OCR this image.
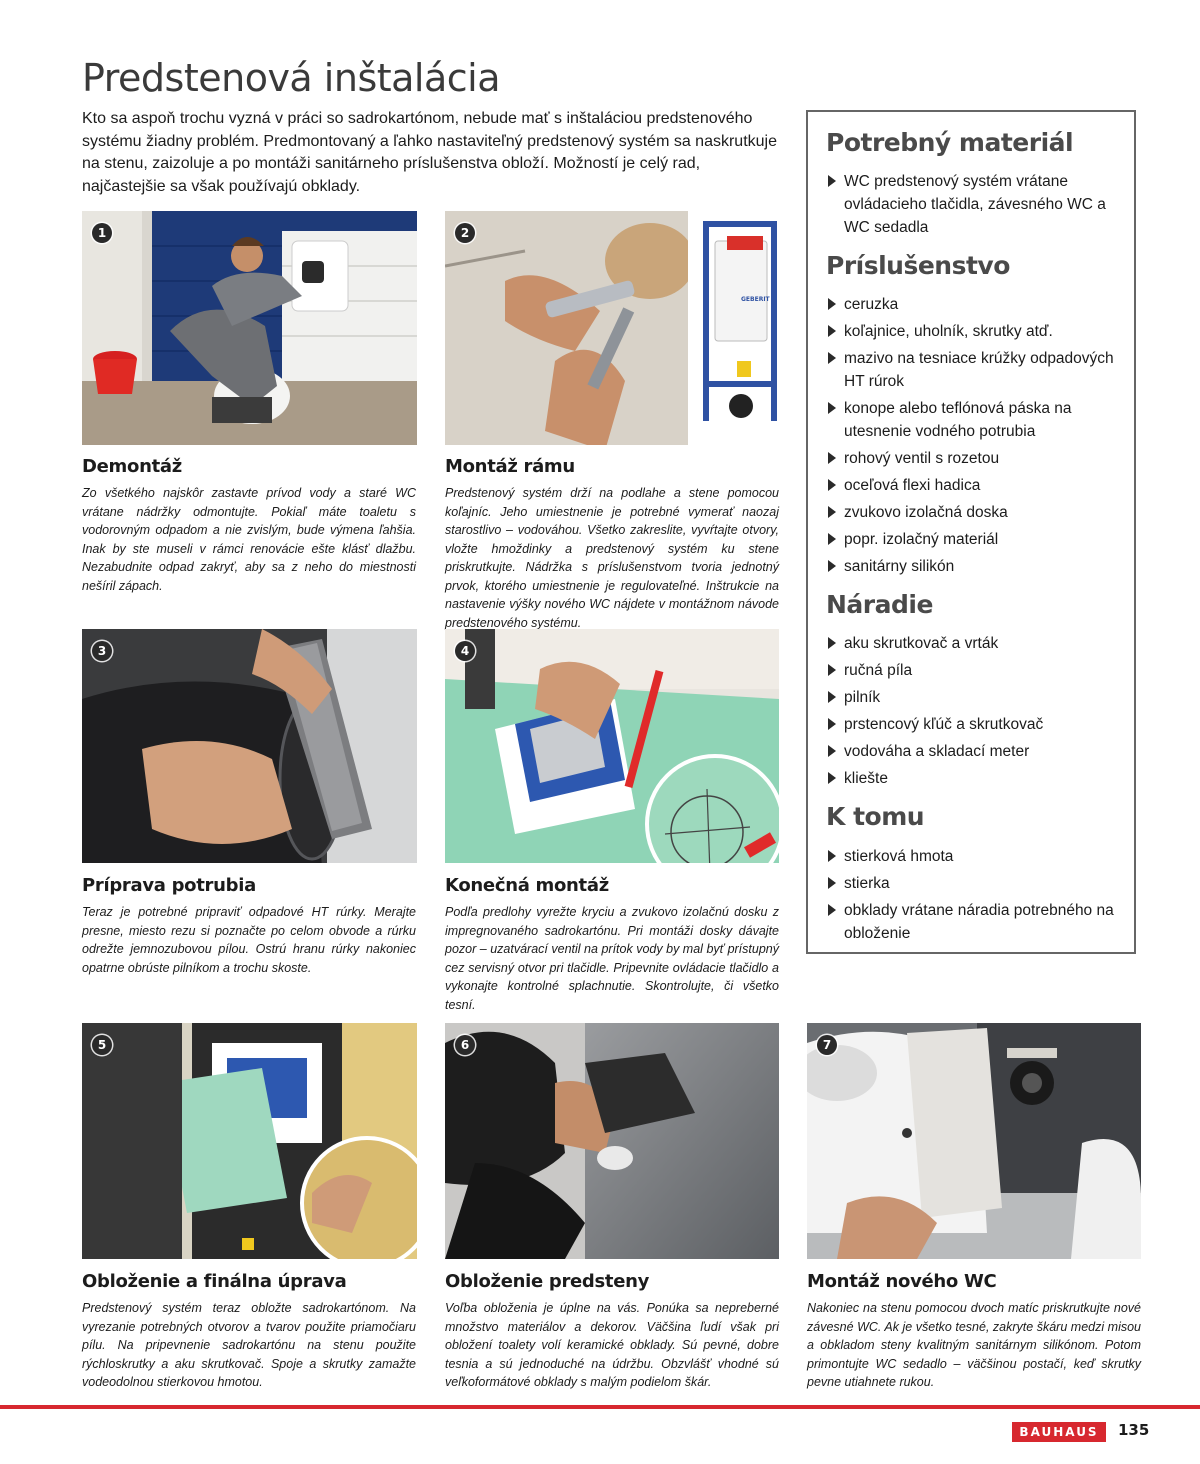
Predstenová inštalácia

Kto sa aspoň trochu vyzná v práci so sadrokartónom, nebude mať s inštaláciou predstenového systému žiadny problém. Predmontovaný a ľahko nastaviteľný predstenový systém sa naskrutkuje na stenu, zaizoluje a po montáži sanitárneho príslušenstva obloží. Možností je celý rad, najčastejšie sa však používajú obklady.

1
Demontáž

Zo všetkého najskôr zastavte prívod vody a staré WC vrátane nádržky odmontujte. Pokiaľ máte toaletu s vodorovným odpadom a nie zvislým, bude výmena ľahšia. Inak by ste museli v rámci renovácie ešte klásť dlažbu. Nezabudnite odpad zakryť, aby sa z neho do miestnosti nešíril zápach.

GEBERIT
2
Montáž rámu

Predstenový systém drží na podlahe a stene pomocou koľajníc. Jeho umiestnenie je potrebné vymerať naozaj starostlivo – vodováhou. Všetko zakreslite, vyvŕtajte otvory, vložte hmoždinky a predstenový systém ku stene priskrutkujte. Nádržka s príslušenstvom tvoria jednotný prvok, ktorého umiestnenie je regulovateľné. Inštrukcie na nastavenie výšky nového WC nájdete v montážnom návode predstenového systému.

3
Príprava potrubia

Teraz je potrebné pripraviť odpadové HT rúrky. Merajte presne, miesto rezu si poznačte po celom obvode a rúrku odrežte jemnozubovou pílou. Ostrú hranu rúrky nakoniec opatrne obrúste pilníkom a trochu skoste.

4
Konečná montáž

Podľa predlohy vyrežte kryciu a zvukovo izolačnú dosku z impregnovaného sadrokartónu. Pri montáži dosky dávajte pozor – uzatvárací ventil na prítok vody by mal byť prístupný cez servisný otvor pri tlačidle. Pripevnite ovládacie tlačidlo a vykonajte kontrolné splachnutie. Skontrolujte, či všetko tesní.

5
Obloženie a finálna úprava

Predstenový systém teraz obložte sadrokartónom. Na vyrezanie potrebných otvorov a tvarov použite priamočiaru pílu. Na pripevnenie sadrokartónu na stenu použite rýchloskrutky a aku skrutkovač. Spoje a skrutky zamažte vodeodolnou stierkovou hmotou.

6
Obloženie predsteny

Voľba obloženia je úplne na vás. Ponúka sa nepreberné množstvo materiálov a dekorov. Väčšina ľudí však pri obložení toalety volí keramické obklady. Sú pevné, dobre tesnia a sú jednoduché na údržbu. Obzvlášť vhodné sú veľkoformátové obklady s malým podielom škár.

7
Montáž nového WC

Nakoniec na stenu pomocou dvoch matíc priskrutkujte nové závesné WC. Ak je všetko tesné, zakryte škáru medzi misou a obkladom steny kvalitným sanitárnym silikónom. Potom primontujte WC sedadlo – väčšinou postačí, keď skrutky pevne utiahnete rukou.

Potrebný materiál
WC predstenový systém vrátane ovládacieho tlačidla, závesného WC a WC sedadla
Príslušenstvo
ceruzka
koľajnice, uholník, skrutky atď.
mazivo na tesniace krúžky odpadových HT rúrok
konope alebo teflónová páska na utesnenie vodného potrubia
rohový ventil s rozetou
oceľová flexi hadica
zvukovo izolačná doska
popr. izolačný materiál
sanitárny silikón
Náradie
aku skrutkovač a vrták
ručná píla
pilník
prstencový kľúč a skrutkovač
vodováha a skladací meter
kliešte
K tomu
stierková hmota
stierka
obklady vrátane náradia potrebného na obloženie
BAUHAUS	135
